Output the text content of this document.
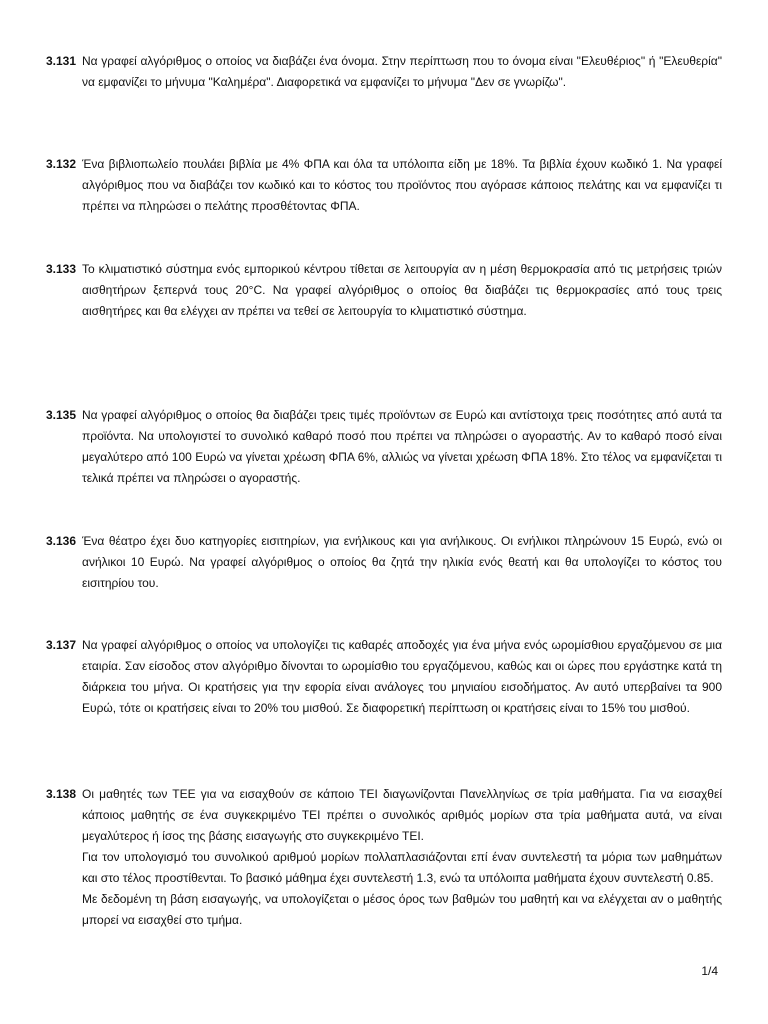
3.131 Να γραφεί αλγόριθμος ο οποίος να διαβάζει ένα όνομα. Στην περίπτωση που το όνομα είναι "Ελευθέριος" ή "Ελευθερία" να εμφανίζει το μήνυμα "Καλημέρα". Διαφορετικά να εμφανίζει το μήνυμα "Δεν σε γνωρίζω".

3.132 Ένα βιβλιοπωλείο πουλάει βιβλία με 4% ΦΠΑ και όλα τα υπόλοιπα είδη με 18%. Τα βιβλία έχουν κωδικό 1. Να γραφεί αλγόριθμος που να διαβάζει τον κωδικό και το κόστος του προϊόντος που αγόρασε κάποιος πελάτης και να εμφανίζει τι πρέπει να πληρώσει ο πελάτης προσθέτοντας ΦΠΑ.

3.133 Το κλιματιστικό σύστημα ενός εμπορικού κέντρου τίθεται σε λειτουργία αν η μέση θερμοκρασία από τις μετρήσεις τριών αισθητήρων ξεπερνά τους 20°C. Να γραφεί αλγόριθμος ο οποίος θα διαβάζει τις θερμοκρασίες από τους τρεις αισθητήρες και θα ελέγχει αν πρέπει να τεθεί σε λειτουργία το κλιματιστικό σύστημα.

3.135 Να γραφεί αλγόριθμος ο οποίος θα διαβάζει τρεις τιμές προϊόντων σε Ευρώ και αντίστοιχα τρεις ποσότητες από αυτά τα προϊόντα. Να υπολογιστεί το συνολικό καθαρό ποσό που πρέπει να πληρώσει ο αγοραστής. Αν το καθαρό ποσό είναι μεγαλύτερο από 100 Ευρώ να γίνεται χρέωση ΦΠΑ 6%, αλλιώς να γίνεται χρέωση ΦΠΑ 18%. Στο τέλος να εμφανίζεται τι τελικά πρέπει να πληρώσει ο αγοραστής.

3.136 Ένα θέατρο έχει δυο κατηγορίες εισιτηρίων, για ενήλικους και για ανήλικους. Οι ενήλικοι πληρώνουν 15 Ευρώ, ενώ οι ανήλικοι 10 Ευρώ. Να γραφεί αλγόριθμος ο οποίος θα ζητά την ηλικία ενός θεατή και θα υπολογίζει το κόστος του εισιτηρίου του.

3.137 Να γραφεί αλγόριθμος ο οποίος να υπολογίζει τις καθαρές αποδοχές για ένα μήνα ενός ωρομίσθιου εργαζόμενου σε μια εταιρία. Σαν είσοδος στον αλγόριθμο δίνονται το ωρομίσθιο του εργαζόμενου, καθώς και οι ώρες που εργάστηκε κατά τη διάρκεια του μήνα. Οι κρατήσεις για την εφορία είναι ανάλογες του μηνιαίου εισοδήματος. Αν αυτό υπερβαίνει τα 900 Ευρώ, τότε οι κρατήσεις είναι το 20% του μισθού. Σε διαφορετική περίπτωση οι κρατήσεις είναι το 15% του μισθού.

3.138 Οι μαθητές των ΤΕΕ για να εισαχθούν σε κάποιο ΤΕΙ διαγωνίζονται Πανελληνίως σε τρία μαθήματα. Για να εισαχθεί κάποιος μαθητής σε ένα συγκεκριμένο ΤΕΙ πρέπει ο συνολικός αριθμός μορίων στα τρία μαθήματα αυτά, να είναι μεγαλύτερος ή ίσος της βάσης εισαγωγής στο συγκεκριμένο ΤΕΙ.

Για τον υπολογισμό του συνολικού αριθμού μορίων πολλαπλασιάζονται επί έναν συντελεστή τα μόρια των μαθημάτων και στο τέλος προστίθενται. Το βασικό μάθημα έχει συντελεστή 1.3, ενώ τα υπόλοιπα μαθήματα έχουν συντελεστή 0.85.

Με δεδομένη τη βάση εισαγωγής, να υπολογίζεται ο μέσος όρος των βαθμών του μαθητή και να ελέγχεται αν ο μαθητής μπορεί να εισαχθεί στο τμήμα.

1/4
